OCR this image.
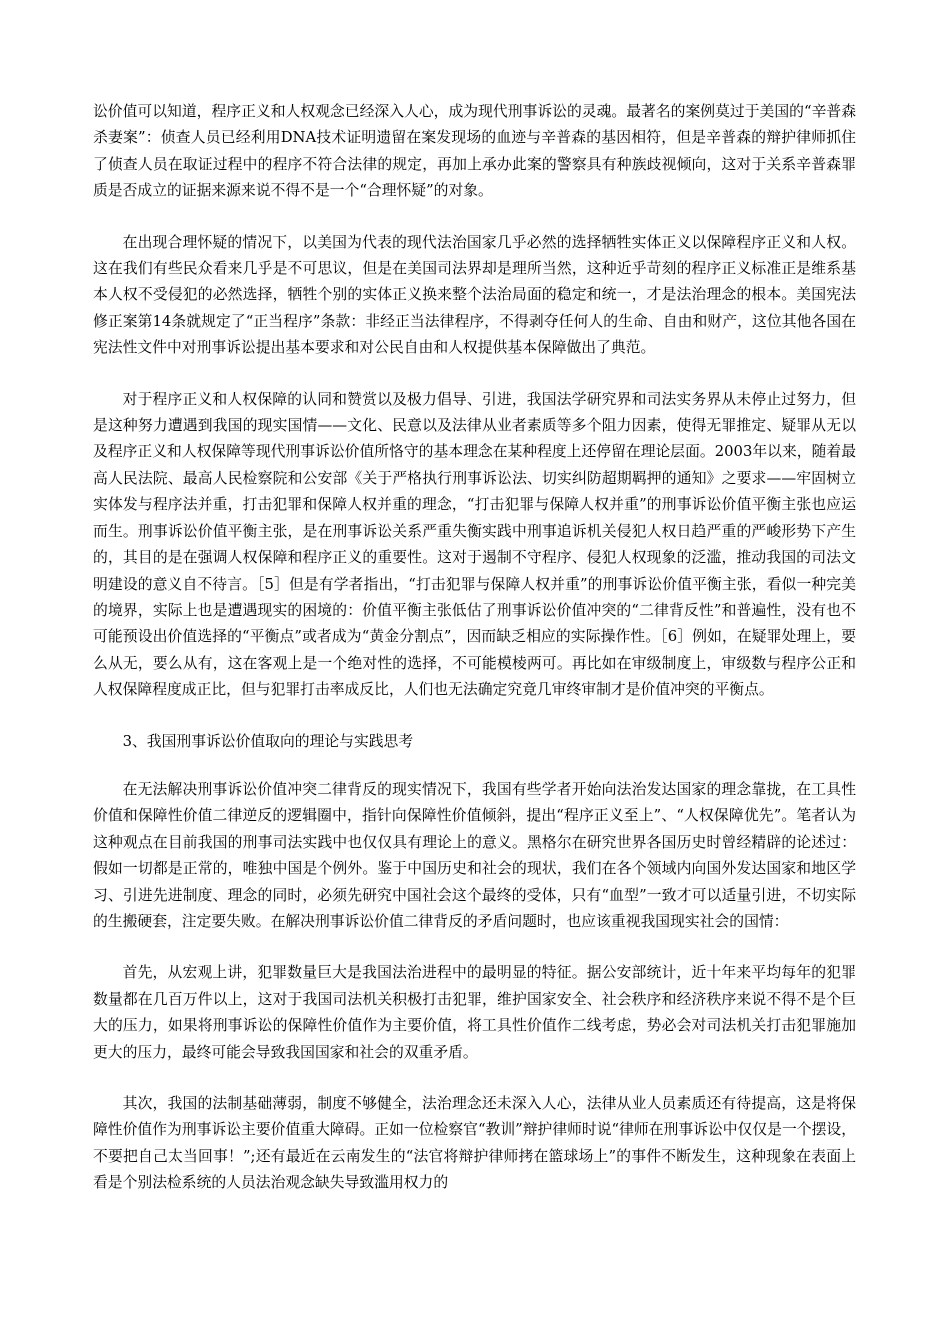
讼价值可以知道，程序正义和人权观念已经深入人心，成为现代刑事诉讼的灵魂。最著名的案例莫过于美国的“辛普森杀妻案”：侦查人员已经利用DNA技术证明遗留在案发现场的血迹与辛普森的基因相符，但是辛普森的辩护律师抓住了侦查人员在取证过程中的程序不符合法律的规定，再加上承办此案的警察具有种族歧视倾向，这对于关系辛普森罪质是否成立的证据来源来说不得不是一个“合理怀疑”的对象。

在出现合理怀疑的情况下，以美国为代表的现代法治国家几乎必然的选择牺牲实体正义以保障程序正义和人权。这在我们有些民众看来几乎是不可思议，但是在美国司法界却是理所当然，这种近乎苛刻的程序正义标准正是维系基本人权不受侵犯的必然选择，牺牲个别的实体正义换来整个法治局面的稳定和统一，才是法治理念的根本。美国宪法修正案第14条就规定了“正当程序”条款：非经正当法律程序，不得剥夺任何人的生命、自由和财产，这位其他各国在宪法性文件中对刑事诉讼提出基本要求和对公民自由和人权提供基本保障做出了典范。

对于程序正义和人权保障的认同和赞赏以及极力倡导、引进，我国法学研究界和司法实务界从未停止过努力，但是这种努力遭遇到我国的现实国情——文化、民意以及法律从业者素质等多个阻力因素，使得无罪推定、疑罪从无以及程序正义和人权保障等现代刑事诉讼价值所恪守的基本理念在某种程度上还停留在理论层面。2003年以来，随着最高人民法院、最高人民检察院和公安部《关于严格执行刑事诉讼法、切实纠防超期羁押的通知》之要求——牢固树立实体发与程序法并重，打击犯罪和保障人权并重的理念，“打击犯罪与保障人权并重”的刑事诉讼价值平衡主张也应运而生。刑事诉讼价值平衡主张，是在刑事诉讼关系严重失衡实践中刑事追诉机关侵犯人权日趋严重的严峻形势下产生的，其目的是在强调人权保障和程序正义的重要性。这对于遏制不守程序、侵犯人权现象的泛滥，推动我国的司法文明建设的意义自不待言。［5］但是有学者指出，“打击犯罪与保障人权并重”的刑事诉讼价值平衡主张，看似一种完美的境界，实际上也是遭遇现实的困境的：价值平衡主张低估了刑事诉讼价值冲突的“二律背反性”和普遍性，没有也不可能预设出价值选择的“平衡点”或者成为“黄金分割点”，因而缺乏相应的实际操作性。［6］例如，在疑罪处理上，要么从无，要么从有，这在客观上是一个绝对性的选择，不可能模棱两可。再比如在审级制度上，审级数与程序公正和人权保障程度成正比，但与犯罪打击率成反比，人们也无法确定究竟几审终审制才是价值冲突的平衡点。

3、我国刑事诉讼价值取向的理论与实践思考

在无法解决刑事诉讼价值冲突二律背反的现实情况下，我国有些学者开始向法治发达国家的理念靠拢，在工具性价值和保障性价值二律逆反的逻辑圈中，指针向保障性价值倾斜，提出“程序正义至上”、“人权保障优先”。笔者认为这种观点在目前我国的刑事司法实践中也仅仅具有理论上的意义。黑格尔在研究世界各国历史时曾经精辟的论述过：假如一切都是正常的，唯独中国是个例外。鉴于中国历史和社会的现状，我们在各个领域内向国外发达国家和地区学习、引进先进制度、理念的同时，必须先研究中国社会这个最终的受体，只有“血型”一致才可以适量引进，不切实际的生搬硬套，注定要失败。在解决刑事诉讼价值二律背反的矛盾问题时，也应该重视我国现实社会的国情：

首先，从宏观上讲，犯罪数量巨大是我国法治进程中的最明显的特征。据公安部统计，近十年来平均每年的犯罪数量都在几百万件以上，这对于我国司法机关积极打击犯罪，维护国家安全、社会秩序和经济秩序来说不得不是个巨大的压力，如果将刑事诉讼的保障性价值作为主要价值，将工具性价值作二线考虑，势必会对司法机关打击犯罪施加更大的压力，最终可能会导致我国国家和社会的双重矛盾。

其次，我国的法制基础薄弱，制度不够健全，法治理念还未深入人心，法律从业人员素质还有待提高，这是将保障性价值作为刑事诉讼主要价值重大障碍。正如一位检察官“教训”辩护律师时说“律师在刑事诉讼中仅仅是一个摆设，不要把自己太当回事！”;还有最近在云南发生的“法官将辩护律师拷在篮球场上”的事件不断发生，这种现象在表面上看是个别法检系统的人员法治观念缺失导致滥用权力的
